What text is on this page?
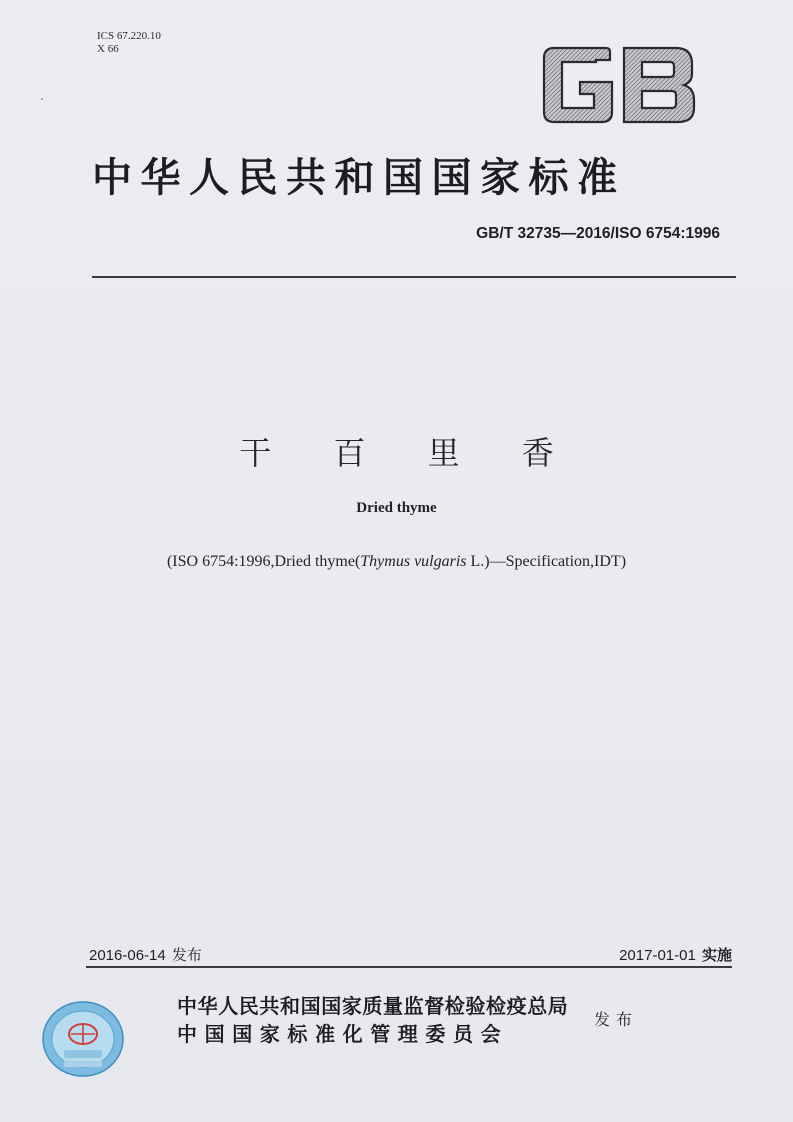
ICS 67.220.10
X 66
中华人民共和国国家标准
GB/T 32735—2016/ISO 6754:1996
干 百 里 香
Dried thyme
(ISO 6754:1996,Dried thyme(Thymus vulgaris L.)—Specification,IDT)
2016-06-14 发布	2017-01-01 实施
中华人民共和国国家质量监督检验检疫总局
中国国家标准化管理委员会
发布
